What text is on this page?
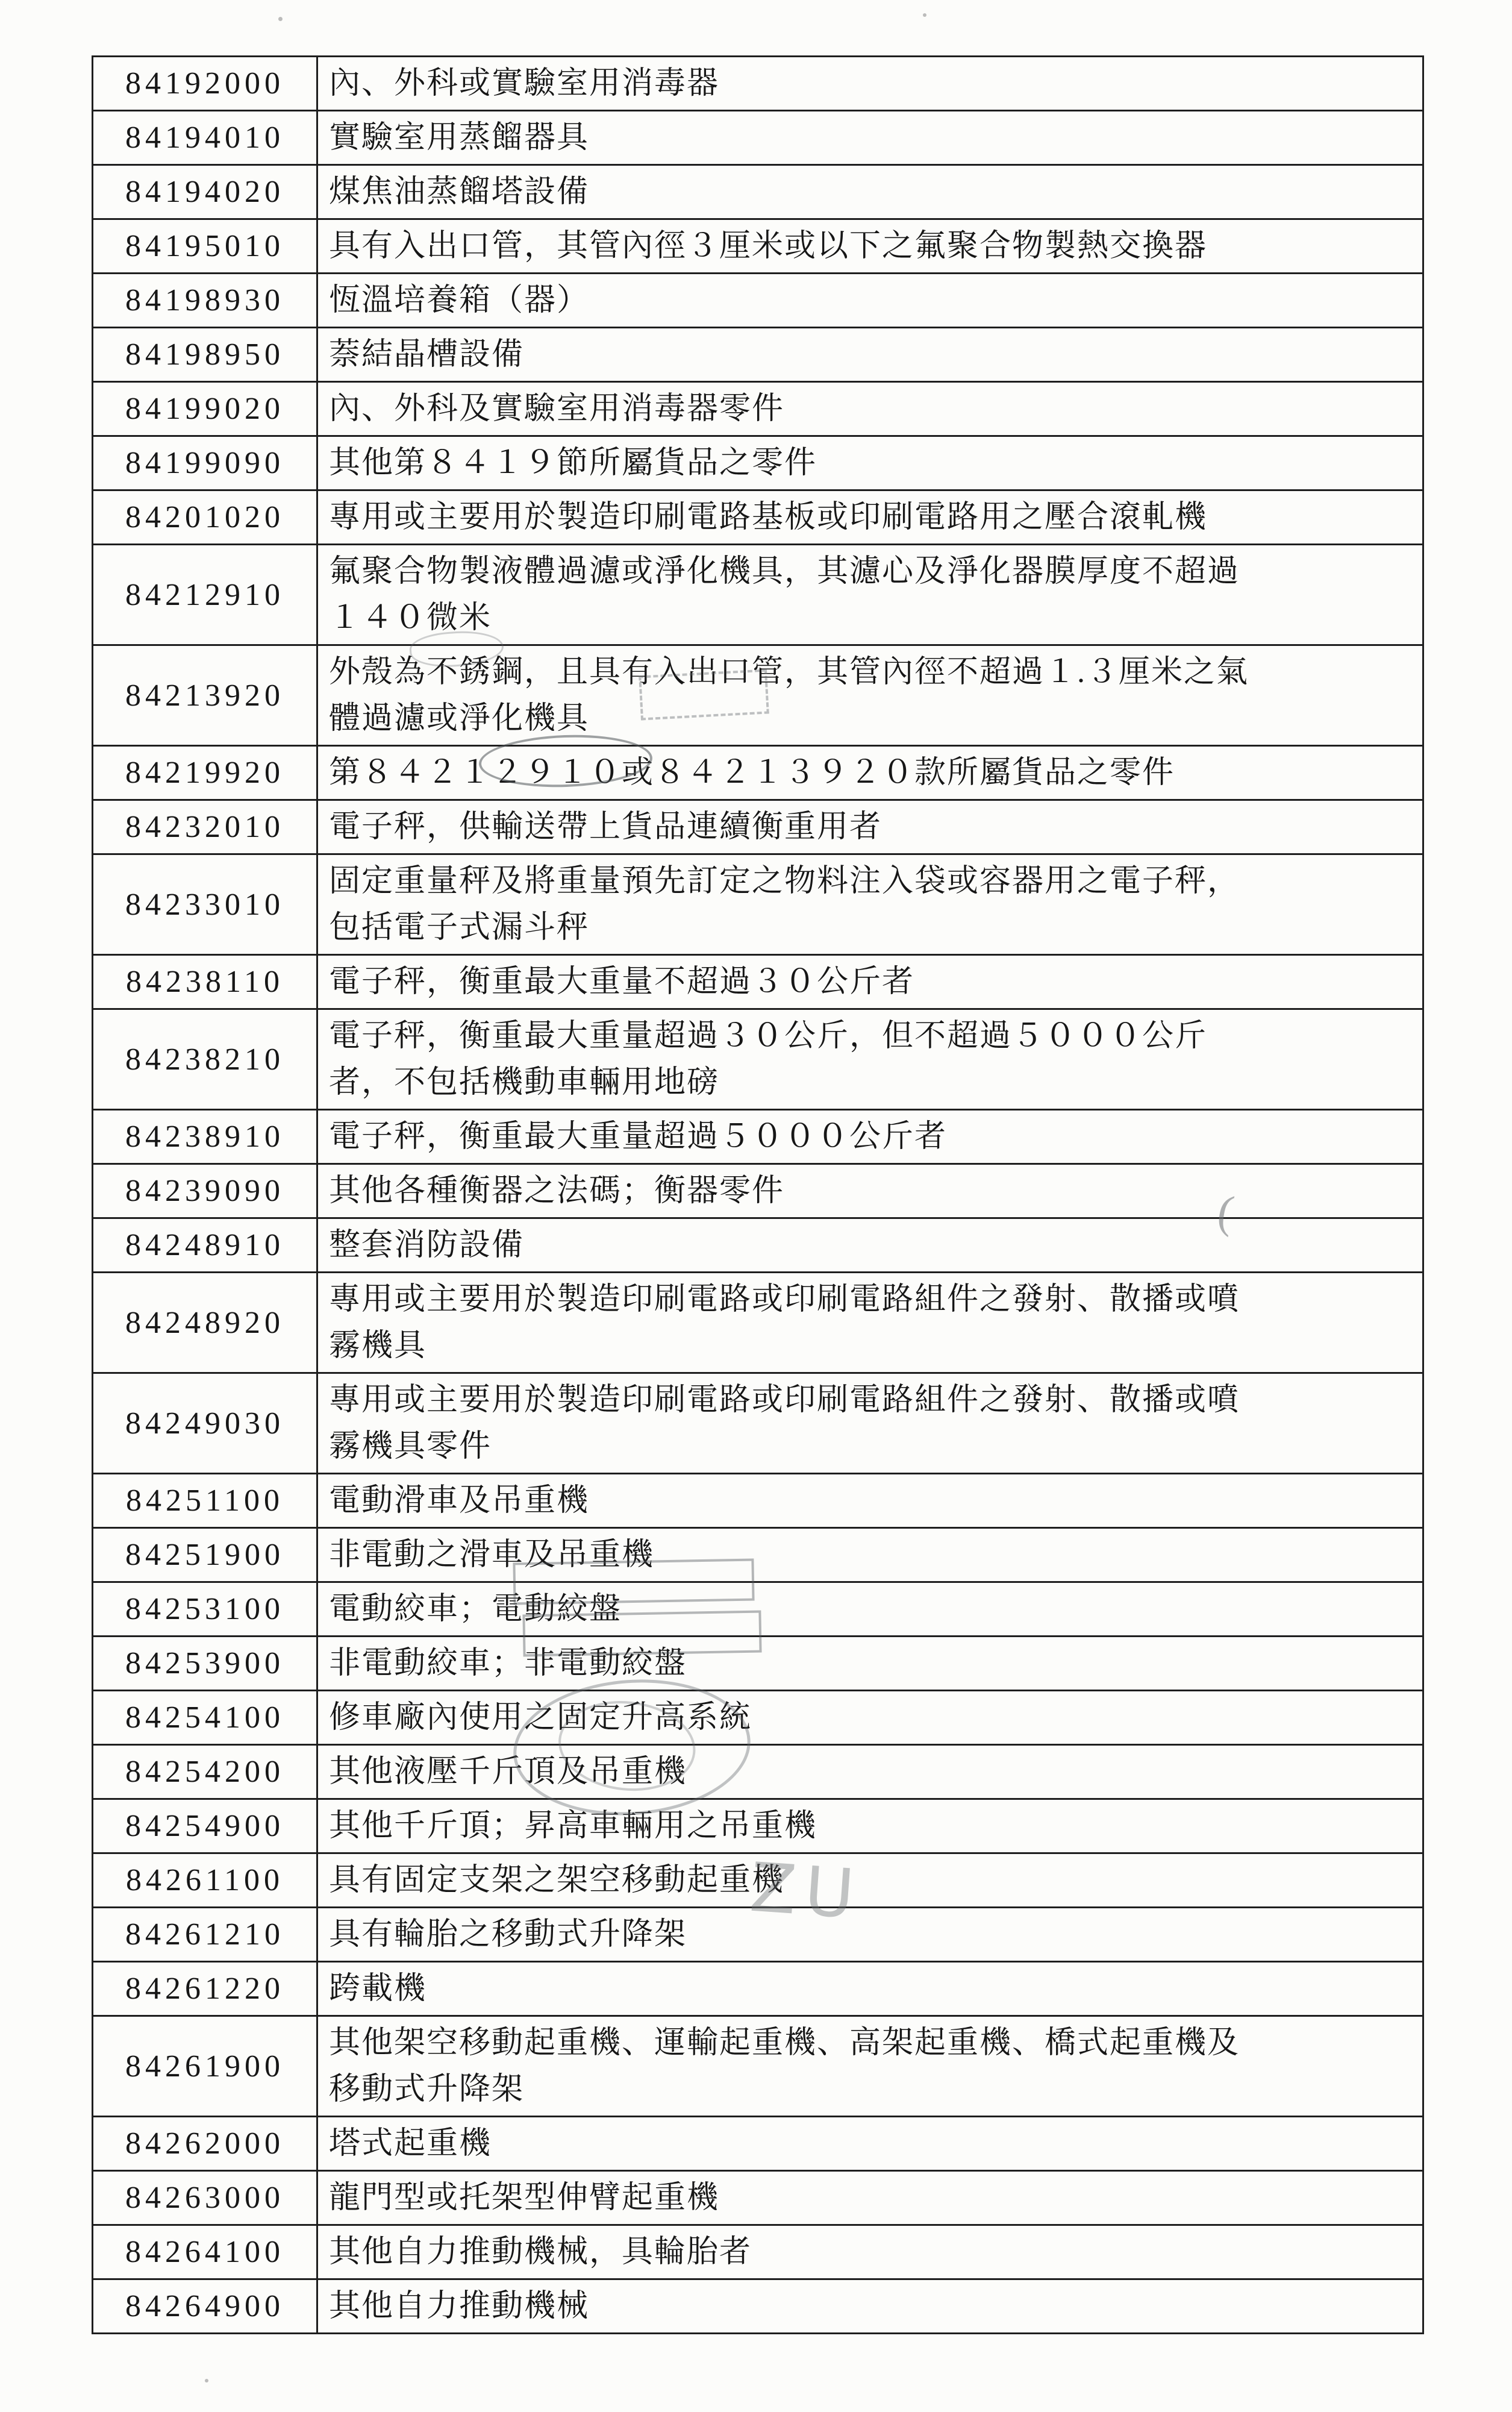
84192000	內、外科或實驗室用消毒器

84194010	實驗室用蒸餾器具

84194020	煤焦油蒸餾塔設備

84195010	具有入出口管，其管內徑３厘米或以下之氟聚合物製熱交換器

84198930	恆溫培養箱（器）

84198950	萘結晶槽設備

84199020	內、外科及實驗室用消毒器零件

84199090	其他第８４１９節所屬貨品之零件

84201020	專用或主要用於製造印刷電路基板或印刷電路用之壓合滾軋機

84212910	氟聚合物製液體過濾或淨化機具，其濾心及淨化器膜厚度不超過
１４０微米

84213920	外殼為不銹鋼，且具有入出口管，其管內徑不超過１.３厘米之氣
體過濾或淨化機具

84219920	第８４２１２９１０或８４２１３９２０款所屬貨品之零件

84232010	電子秤，供輸送帶上貨品連續衡重用者

84233010	固定重量秤及將重量預先訂定之物料注入袋或容器用之電子秤，
包括電子式漏斗秤

84238110	電子秤，衡重最大重量不超過３０公斤者

84238210	電子秤，衡重最大重量超過３０公斤，但不超過５０００公斤
者，不包括機動車輛用地磅

84238910	電子秤，衡重最大重量超過５０００公斤者

84239090	其他各種衡器之法碼；衡器零件

84248910	整套消防設備

84248920	專用或主要用於製造印刷電路或印刷電路組件之發射、散播或噴
霧機具

84249030	專用或主要用於製造印刷電路或印刷電路組件之發射、散播或噴
霧機具零件

84251100	電動滑車及吊重機

84251900	非電動之滑車及吊重機

84253100	電動絞車；電動絞盤

84253900	非電動絞車；非電動絞盤

84254100	修車廠內使用之固定升高系統

84254200	其他液壓千斤頂及吊重機

84254900	其他千斤頂；昇高車輛用之吊重機

84261100	具有固定支架之架空移動起重機

84261210	具有輪胎之移動式升降架

84261220	跨載機

84261900	其他架空移動起重機、運輸起重機、高架起重機、橋式起重機及
移動式升降架

84262000	塔式起重機

84263000	龍門型或托架型伸臂起重機

84264100	其他自力推動機械，具輪胎者

84264900	其他自力推動機械
ZU
(
